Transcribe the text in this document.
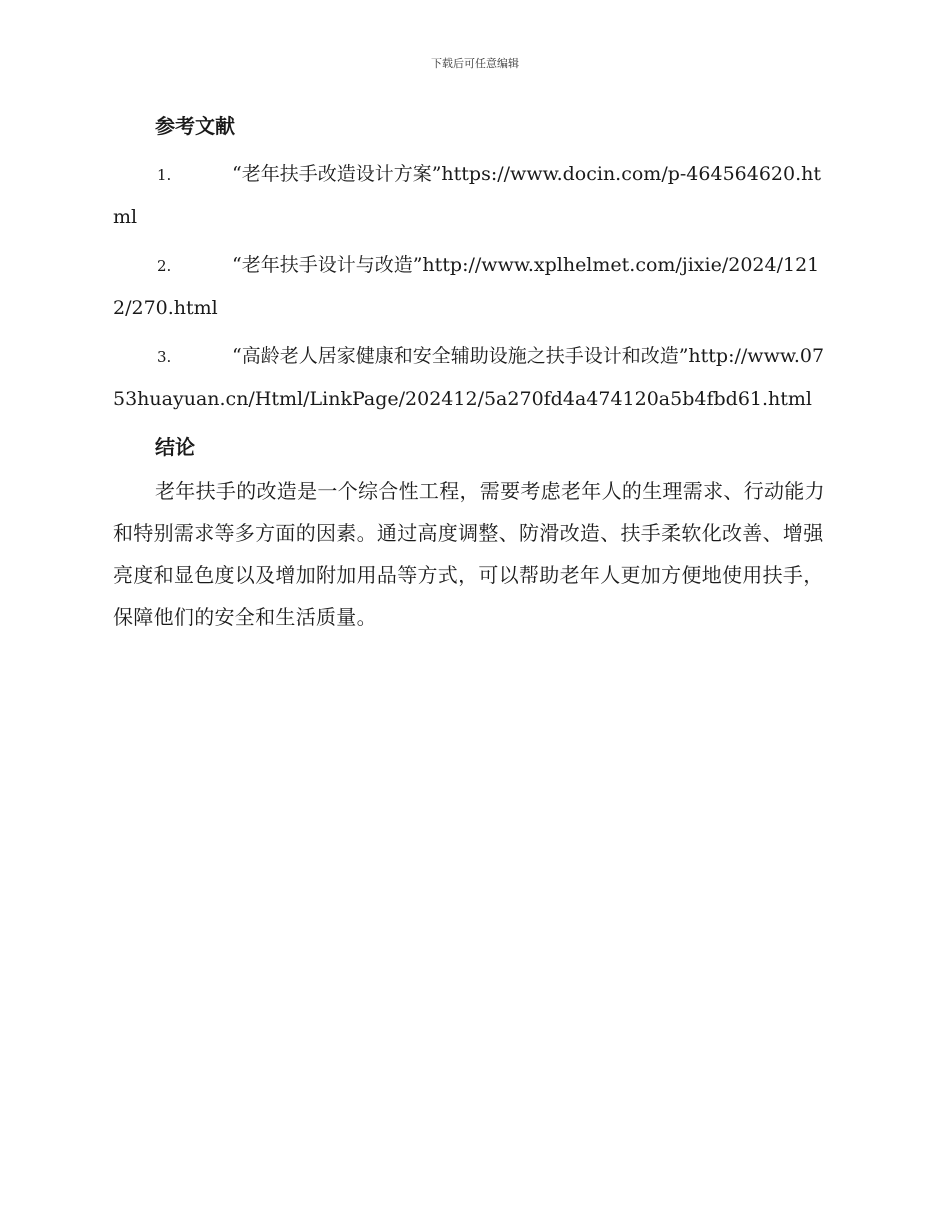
下载后可任意编辑
参考文献

1.	“老年扶手改造设计方案”https://www.docin.com/p-464564620.html

2.	“老年扶手设计与改造”http://www.xplhelmet.com/jixie/2024/1212/270.html

3.	“高龄老人居家健康和安全辅助设施之扶手设计和改造”http://www.0753huayuan.cn/Html/LinkPage/202412/5a270fd4a474120a5b4fbd61.html

结论

老年扶手的改造是一个综合性工程，需要考虑老年人的生理需求、行动能力和特别需求等多方面的因素。通过高度调整、防滑改造、扶手柔软化改善、增强亮度和显色度以及增加附加用品等方式，可以帮助老年人更加方便地使用扶手，保障他们的安全和生活质量。
